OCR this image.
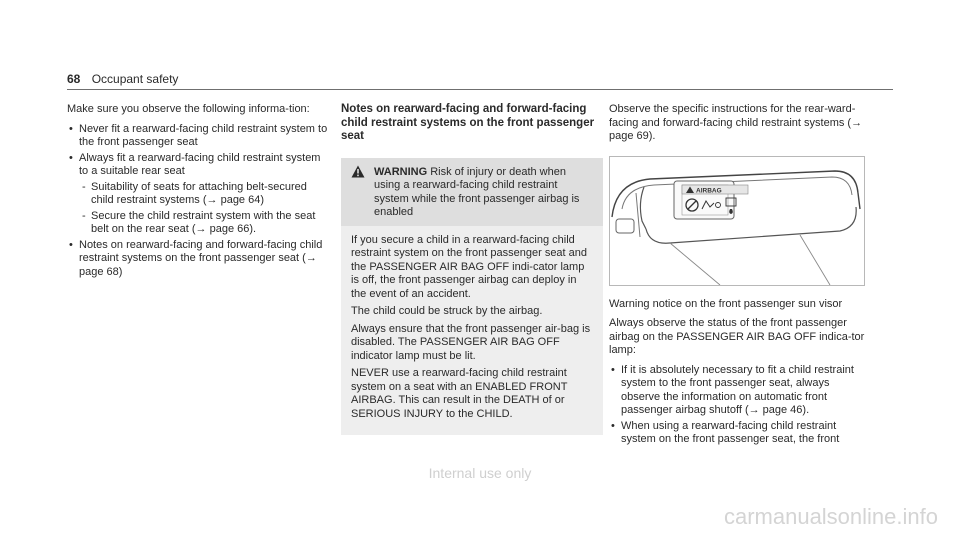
68 Occupant safety

Make sure you observe the following informa-tion:

• Never fit a rearward-facing child restraint system to the front passenger seat
• Always fit a rearward-facing child restraint system to a suitable rear seat
- Suitability of seats for attaching belt-secured child restraint systems (→ page 64)
- Secure the child restraint system with the seat belt on the rear seat (→ page 66).
• Notes on rearward-facing and forward-facing child restraint systems on the front passenger seat (→ page 68)
Notes on rearward-facing and forward-facing child restraint systems on the front passenger seat
WARNING Risk of injury or death when using a rearward-facing child restraint system while the front passenger airbag is enabled

If you secure a child in a rearward-facing child restraint system on the front passenger seat and the PASSENGER AIR BAG OFF indi-cator lamp is off, the front passenger airbag can deploy in the event of an accident.

The child could be struck by the airbag.

Always ensure that the front passenger air-bag is disabled. The PASSENGER AIR BAG OFF indicator lamp must be lit.

NEVER use a rearward-facing child restraint system on a seat with an ENABLED FRONT AIRBAG. This can result in the DEATH of or SERIOUS INJURY to the CHILD.

Observe the specific instructions for the rear-ward-facing and forward-facing child restraint systems (→ page 69).

AIRBAG

Warning notice on the front passenger sun visor

Always observe the status of the front passenger airbag on the PASSENGER AIR BAG OFF indica-tor lamp:

• If it is absolutely necessary to fit a child restraint system to the front passenger seat, always observe the information on automatic front passenger airbag shutoff (→ page 46).
• When using a rearward-facing child restraint system on the front passenger seat, the front
Internal use only
carmanualsonline.info
